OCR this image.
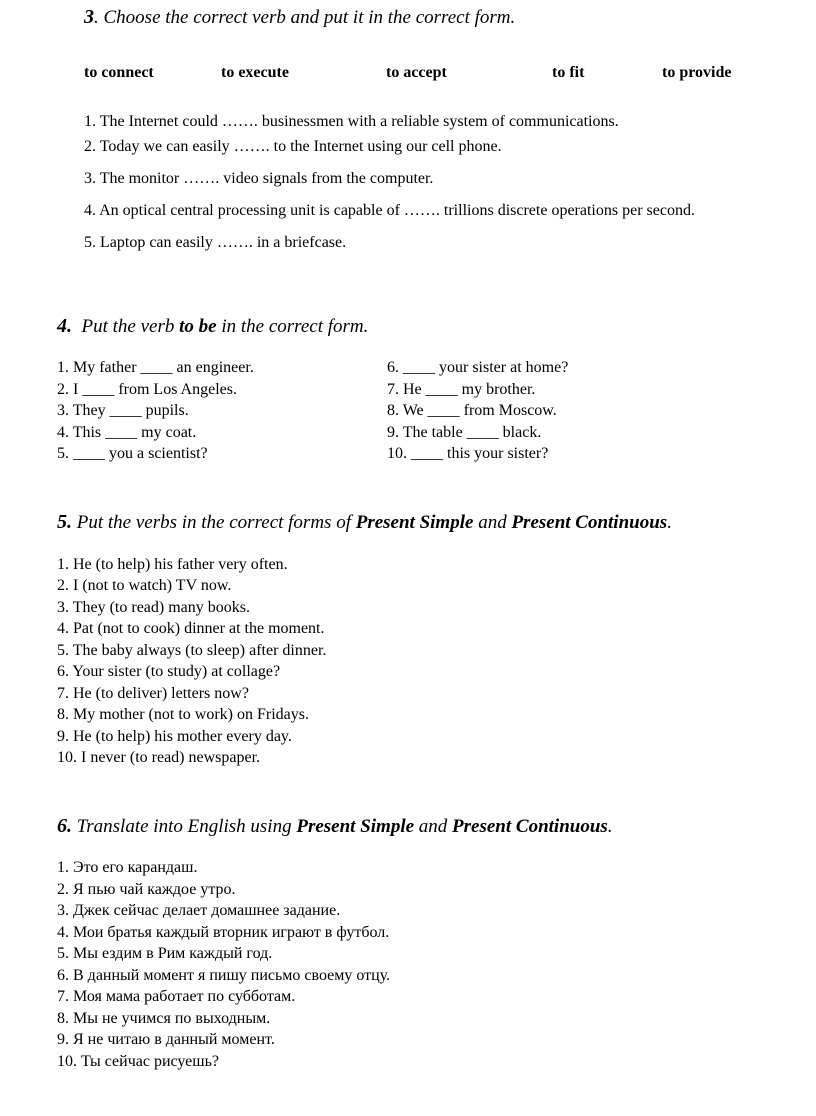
3. Choose the correct verb and put it in the correct form.
to connect	to execute	to accept	to fit	to provide
1. The Internet could ……. businessmen with a reliable system of communications.
2. Today we can easily ……. to the Internet using our cell phone.
3. The monitor ……. video signals from the computer.
4. An optical central processing unit is capable of ……. trillions discrete operations per second.
5. Laptop can easily ……. in a briefcase.
4.  Put the verb to be in the correct form.
1. My father ____ an engineer.
2. I ____ from Los Angeles.
3. They ____ pupils.
4. This ____ my coat.
5. ____ you a scientist?
6. ____ your sister at home?
7. He ____ my brother.
8. We ____ from Moscow.
9. The table ____ black.
10. ____ this your sister?
5. Put the verbs in the correct forms of Present Simple and Present Continuous.
1. He (to help) his father very often.
2. I (not to watch) TV now.
3. They (to read) many books.
4. Pat (not to cook) dinner at the moment.
5. The baby always (to sleep) after dinner.
6. Your sister (to study) at collage?
7. He (to deliver) letters now?
8. My mother (not to work) on Fridays.
9. He (to help) his mother every day.
10. I never (to read) newspaper.
6. Translate into English using Present Simple and Present Continuous.
1. Это его карандаш.
2. Я пью чай каждое утро.
3. Джек сейчас делает домашнее задание.
4. Мои братья каждый вторник играют в футбол.
5. Мы ездим в Рим каждый год.
6. В данный момент я пишу письмо своему отцу.
7. Моя мама работает по субботам.
8. Мы не учимся по выходным.
9. Я не читаю в данный момент.
10. Ты сейчас рисуешь?
